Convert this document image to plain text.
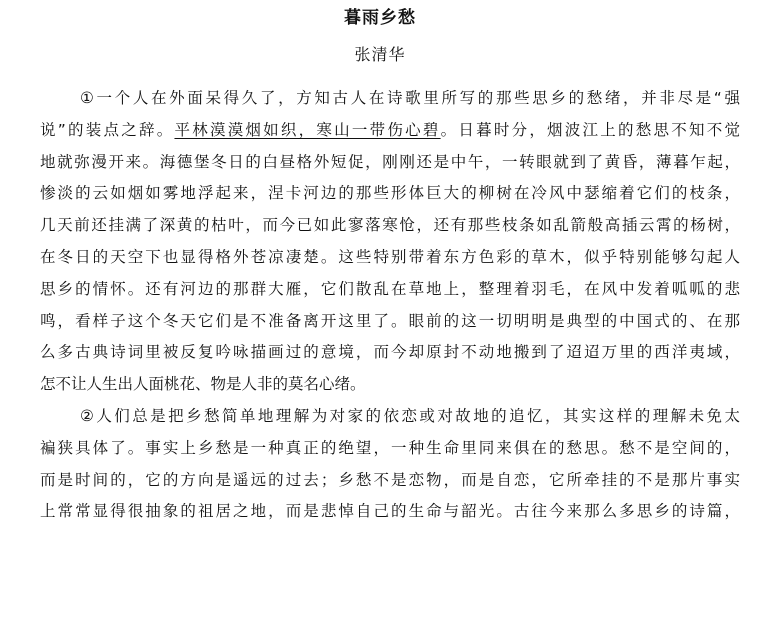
暮雨乡愁
张清华
①一个人在外面呆得久了，方知古人在诗歌里所写的那些思乡的愁绪，并非尽是“强
说”的装点之辞。平林漠漠烟如织，寒山一带伤心碧。日暮时分，烟波江上的愁思不知不觉
地就弥漫开来。海德堡冬日的白昼格外短促，刚刚还是中午，一转眼就到了黄昏，薄暮乍起，
惨淡的云如烟如雾地浮起来，涅卡河边的那些形体巨大的柳树在冷风中瑟缩着它们的枝条，
几天前还挂满了深黄的枯叶，而今已如此寥落寒怆，还有那些枝条如乱箭般高插云霄的杨树，
在冬日的天空下也显得格外苍凉凄楚。这些特别带着东方色彩的草木，似乎特别能够勾起人
思乡的情怀。还有河边的那群大雁，它们散乱在草地上，整理着羽毛，在风中发着呱呱的悲
鸣，看样子这个冬天它们是不准备离开这里了。眼前的这一切明明是典型的中国式的、在那
么多古典诗词里被反复吟咏描画过的意境，而今却原封不动地搬到了迢迢万里的西洋夷域，
怎不让人生出人面桃花、物是人非的莫名心绪。
②人们总是把乡愁简单地理解为对家的依恋或对故地的追忆，其实这样的理解未免太
褊狭具体了。事实上乡愁是一种真正的绝望，一种生命里同来俱在的愁思。愁不是空间的，
而是时间的，它的方向是遥远的过去；乡愁不是恋物，而是自恋，它所牵挂的不是那片事实
上常常显得很抽象的祖居之地，而是悲悼自己的生命与韶光。古往今来那么多思乡的诗篇，
